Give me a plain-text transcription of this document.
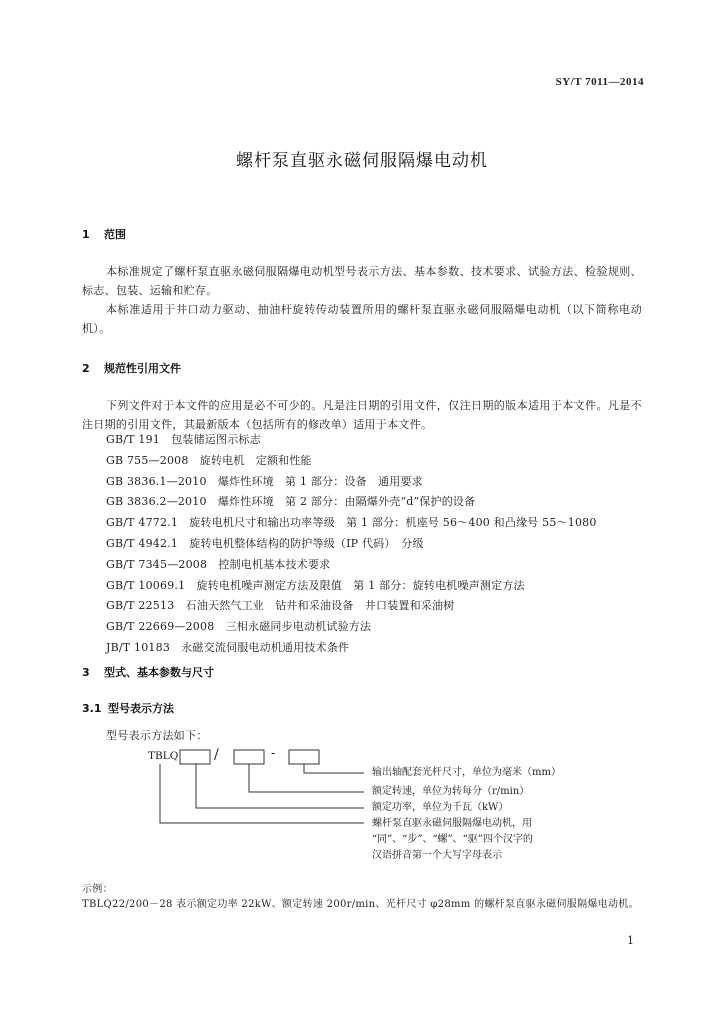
SY/T 7011—2014
螺杆泵直驱永磁伺服隔爆电动机
1 范围
本标准规定了螺杆泵直驱永磁伺服隔爆电动机型号表示方法、基本参数、技术要求、试验方法、检验规则、标志、包装、运输和贮存。
本标准适用于井口动力驱动、抽油杆旋转传动装置所用的螺杆泵直驱永磁伺服隔爆电动机（以下简称电动机）。
2 规范性引用文件
下列文件对于本文件的应用是必不可少的。凡是注日期的引用文件，仅注日期的版本适用于本文件。凡是不注日期的引用文件，其最新版本（包括所有的修改单）适用于本文件。
GB/T 191　包装储运图示标志
GB 755—2008　旋转电机　定额和性能
GB 3836.1—2010　爆炸性环境　第 1 部分：设备　通用要求
GB 3836.2—2010　爆炸性环境　第 2 部分：由隔爆外壳“d”保护的设备
GB/T 4772.1　旋转电机尺寸和输出功率等级　第 1 部分：机座号 56～400 和凸缘号 55～1080
GB/T 4942.1　旋转电机整体结构的防护等级（IP 代码）　分级
GB/T 7345—2008　控制电机基本技术要求
GB/T 10069.1　旋转电机噪声测定方法及限值　第 1 部分：旋转电机噪声测定方法
GB/T 22513　石油天然气工业　钻井和采油设备　井口装置和采油树
GB/T 22669—2008　三相永磁同步电动机试验方法
JB/T 10183　永磁交流伺服电动机通用技术条件
3 型式、基本参数与尺寸
3.1 型号表示方法
型号表示方法如下：
TBLQ	/	-
输出轴配套光杆尺寸，单位为毫米（mm）
额定转速，单位为转每分（r/min）
额定功率，单位为千瓦（kW）
螺杆泵直驱永磁伺服隔爆电动机，用
“同”、“步”、“螺”、“驱”四个汉字的
汉语拼音第一个大写字母表示
示例：
TBLQ22/200－28 表示额定功率 22kW、额定转速 200r/min、光杆尺寸 φ28mm 的螺杆泵直驱永磁伺服隔爆电动机。
1
